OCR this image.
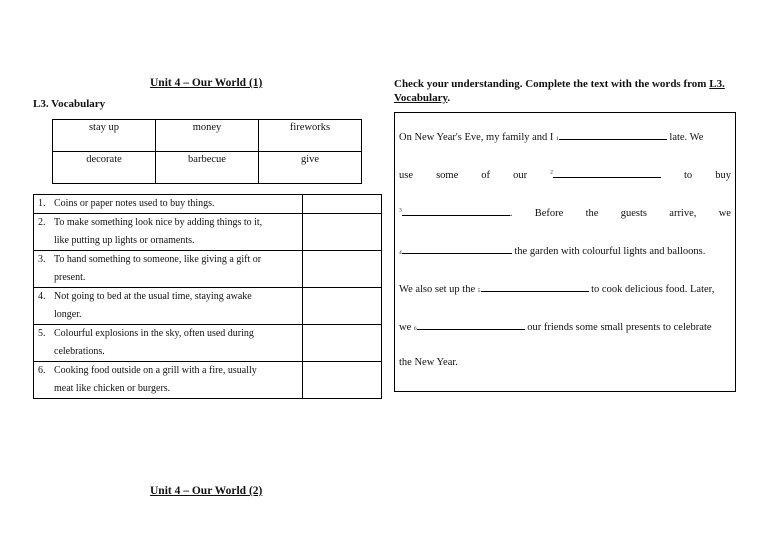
Unit 4 – Our World (1)
L3. Vocabulary
stay up	money	fireworks
decorate	barbecue	give
1. Coins or paper notes used to buy things.	

2. To make something look nice by adding things to it,
like putting up lights or ornaments.	

3. To hand something to someone, like giving a gift or
present.	

4. Not going to bed at the usual time, staying awake
longer.	

5. Colourful explosions in the sky, often used during
celebrations.	

6. Cooking food outside on a grill with a fire, usually
meat like chicken or burgers.	

Unit 4 – Our World (2)
Check your understanding. Complete the text with the words from L3.
Vocabulary.
On New Year's Eve, my family and I
1
	late. We
use some of our	$^2$	to buy
$^3$	. Before the guests arrive, we
4
	the garden with colourful lights and balloons.
We also set up the
5
	to cook delicious food. Later,
we
6
	our friends some small presents to celebrate
the New Year.
